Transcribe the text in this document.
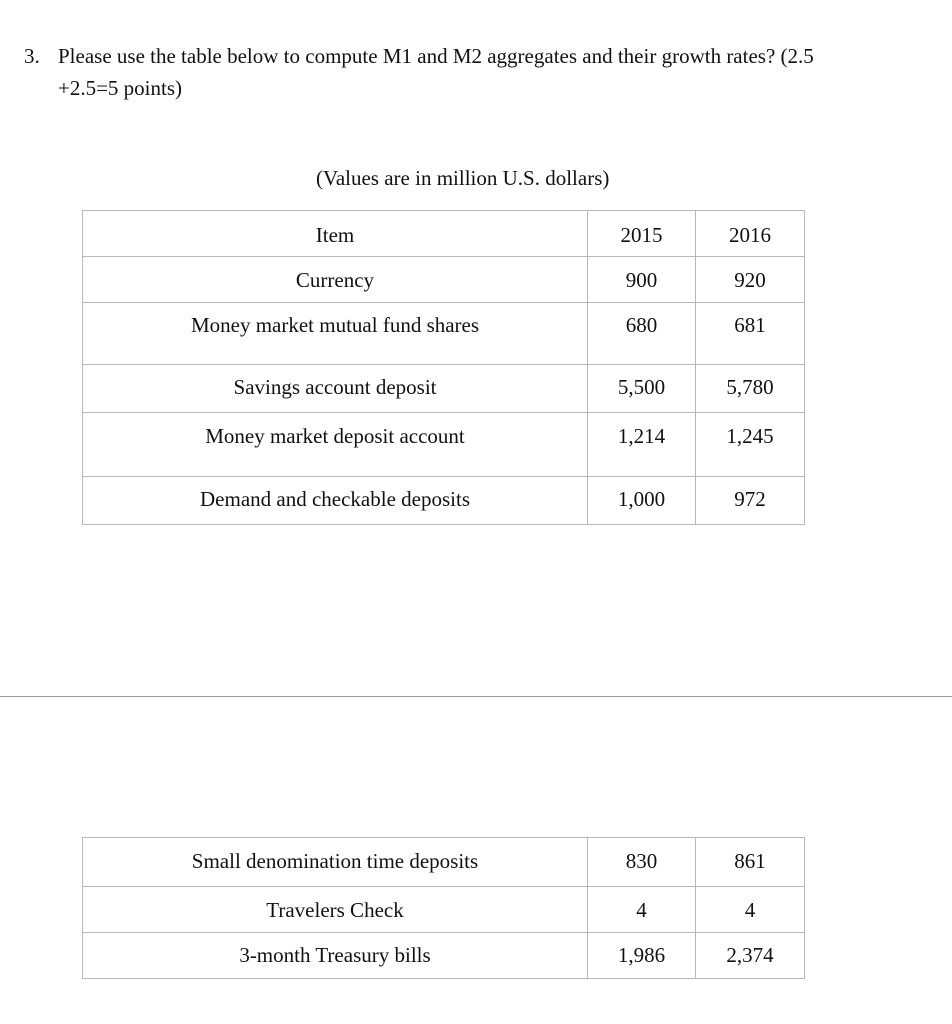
3. Please use the table below to compute M1 and M2 aggregates and their growth rates? (2.5
+2.5=5 points)
(Values are in million U.S. dollars)
Item	2015	2016
Currency	900	920
Money market mutual fund shares	680	681
Savings account deposit	5,500	5,780
Money market deposit account	1,214	1,245
Demand and checkable deposits	1,000	972
Small denomination time deposits	830	861
Travelers Check	4	4
3-month Treasury bills	1,986	2,374
